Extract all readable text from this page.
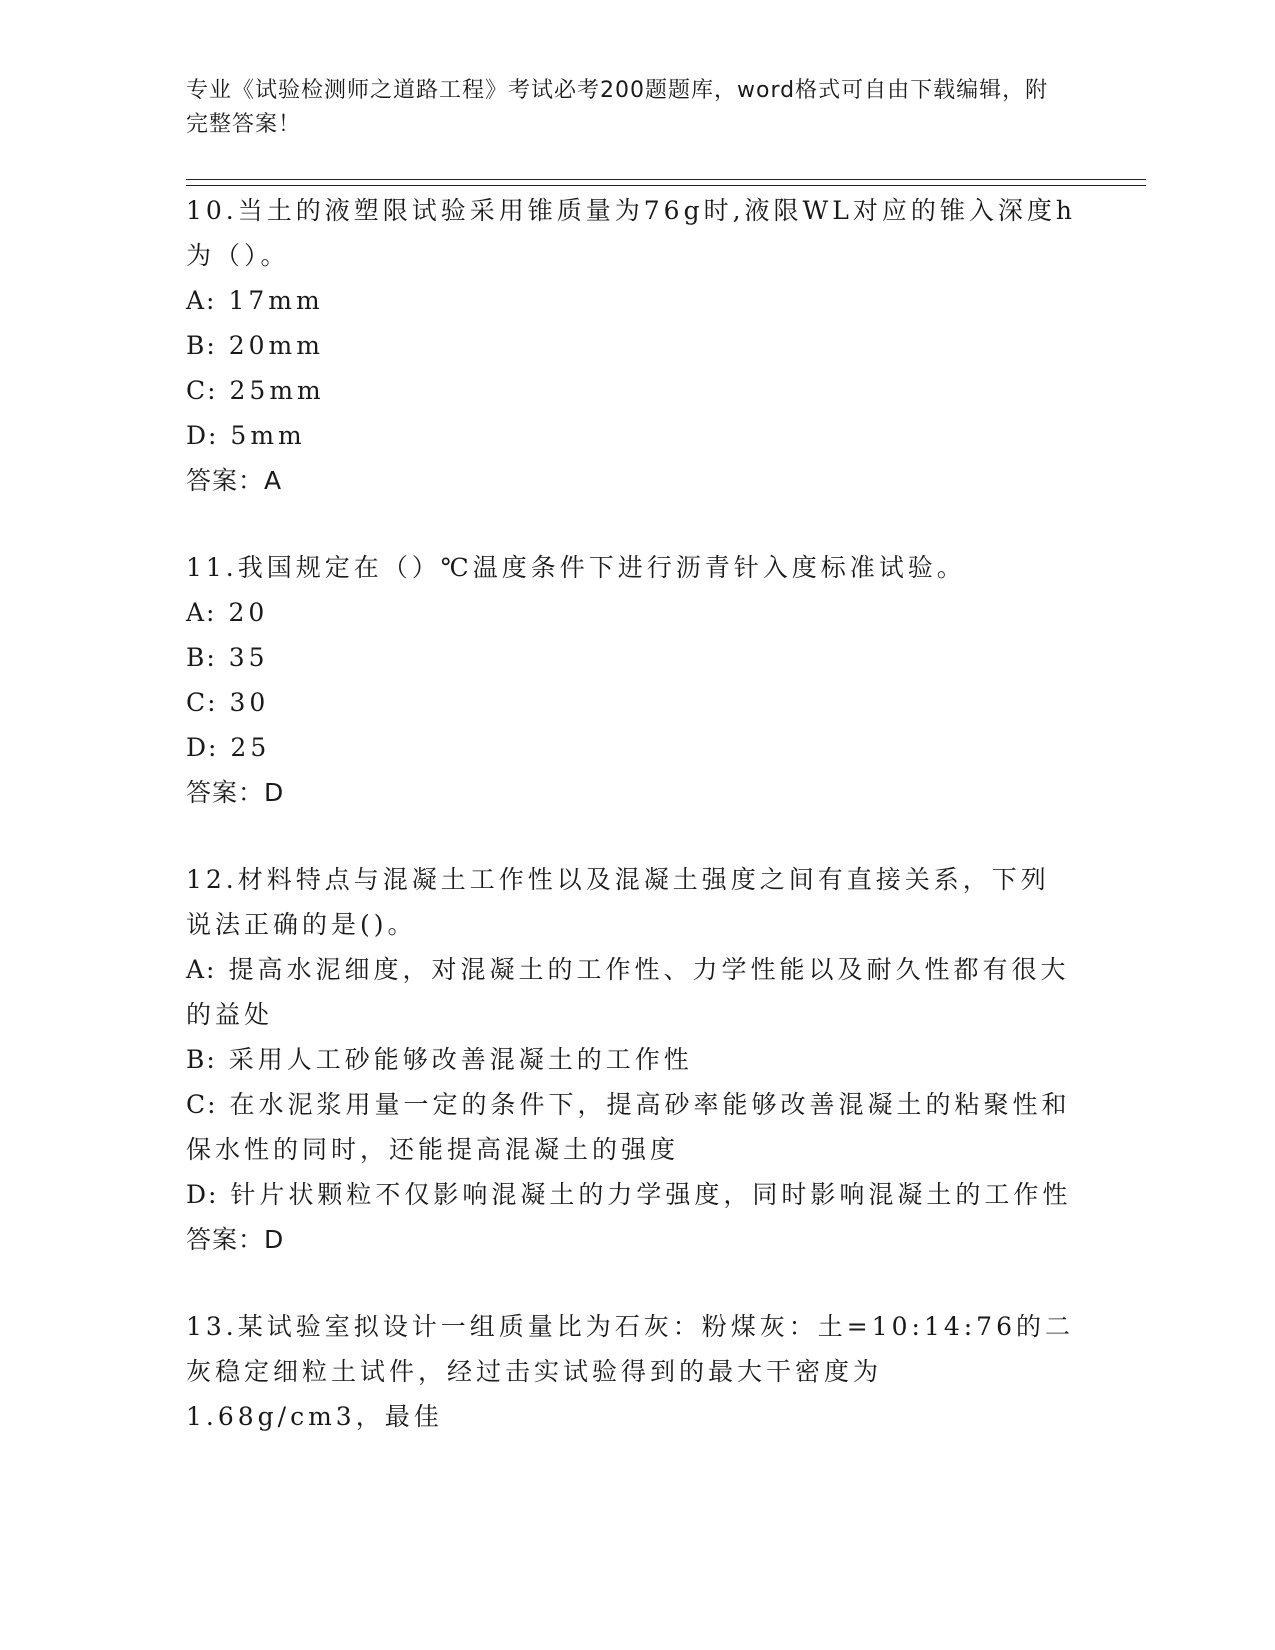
专业《试验检测师之道路工程》考试必考200题题库，word格式可自由下载编辑，附完整答案！

10.当土的液塑限试验采用锥质量为76g时,液限WL对应的锥入深度h为（）。

A: 17mm

B: 20mm

C: 25mm

D: 5mm

答案：A

11.我国规定在（）℃温度条件下进行沥青针入度标准试验。

A: 20

B: 35

C: 30

D: 25

答案：D

12.材料特点与混凝土工作性以及混凝土强度之间有直接关系，下列说法正确的是()。

A: 提高水泥细度，对混凝土的工作性、力学性能以及耐久性都有很大的益处

B: 采用人工砂能够改善混凝土的工作性

C: 在水泥浆用量一定的条件下，提高砂率能够改善混凝土的粘聚性和保水性的同时，还能提高混凝土的强度

D: 针片状颗粒不仅影响混凝土的力学强度，同时影响混凝土的工作性

答案：D

13.某试验室拟设计一组质量比为石灰：粉煤灰：土=10:14:76的二灰稳定细粒土试件，经过击实试验得到的最大干密度为1.68g/cm3，最佳
